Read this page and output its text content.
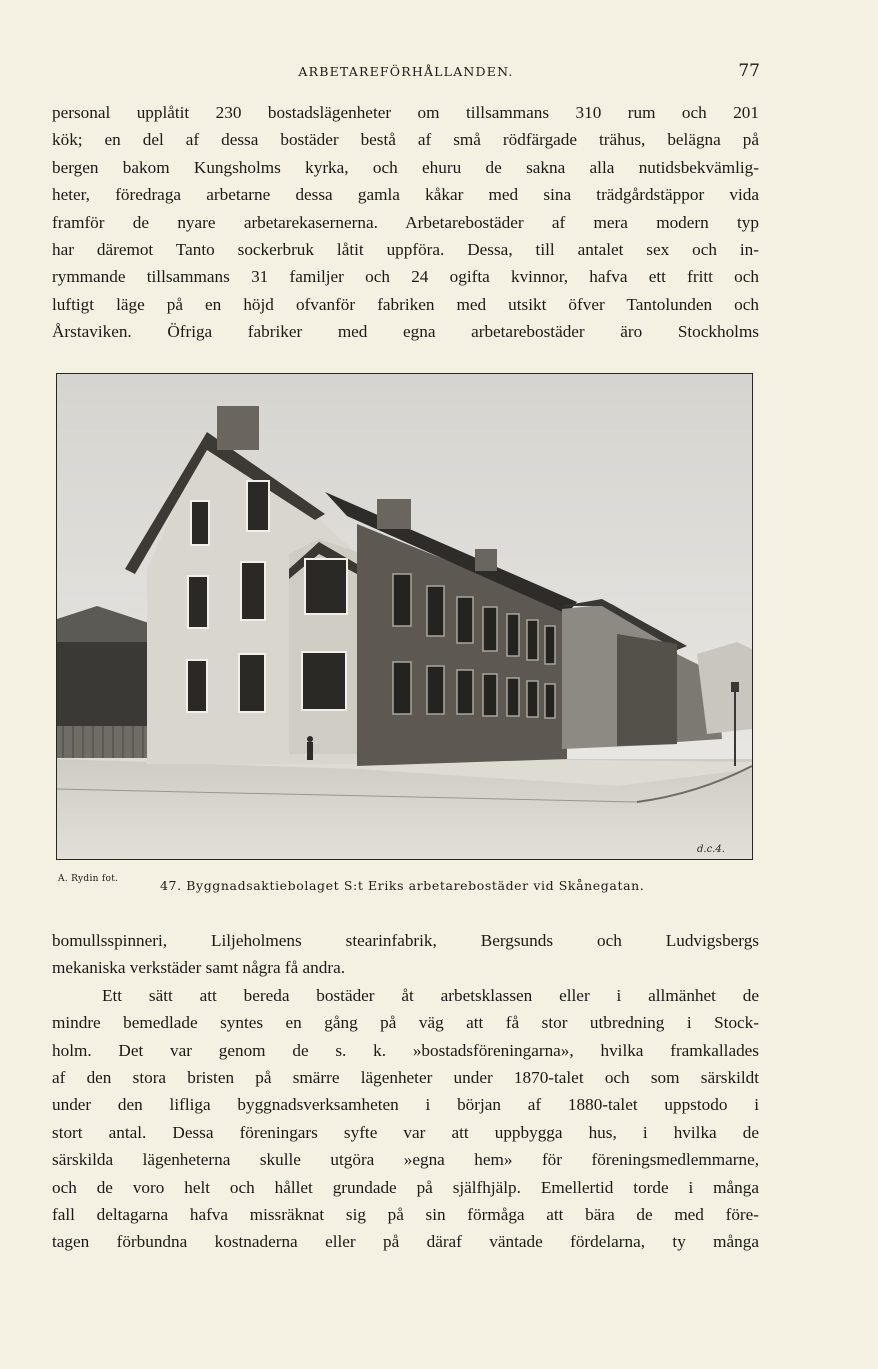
ARBETAREFÖRHÅLLANDEN.	77
personal upplåtit 230 bostadslägenheter om tillsammans 310 rum och 201
kök; en del af dessa bostäder bestå af små rödfärgade trähus, belägna på
bergen bakom Kungsholms kyrka, och ehuru de sakna alla nutidsbekvämlig-
heter, föredraga arbetarne dessa gamla kåkar med sina trädgårdstäppor vida
framför de nyare arbetarekasernerna. Arbetarebostäder af mera modern typ
har däremot Tanto sockerbruk låtit uppföra. Dessa, till antalet sex och in-
rymmande tillsammans 31 familjer och 24 ogifta kvinnor, hafva ett fritt och
luftigt läge på en höjd ofvanför fabriken med utsikt öfver Tantolunden och
Årstaviken. Öfriga fabriker med egna arbetarebostäder äro Stockholms
d.c.4.
A. Rydin fot.	47. Byggnadsaktiebolaget S:t Eriks arbetarebostäder vid Skånegatan.
bomullsspinneri, Liljeholmens stearinfabrik, Bergsunds och Ludvigsbergs
mekaniska verkstäder samt några få andra.
Ett sätt att bereda bostäder åt arbetsklassen eller i allmänhet de
mindre bemedlade syntes en gång på väg att få stor utbredning i Stock-
holm. Det var genom de s. k. »bostadsföreningarna», hvilka framkallades
af den stora bristen på smärre lägenheter under 1870-talet och som särskildt
under den lifliga byggnadsverksamheten i början af 1880-talet uppstodo i
stort antal. Dessa föreningars syfte var att uppbygga hus, i hvilka de
särskilda lägenheterna skulle utgöra »egna hem» för föreningsmedlemmarne,
och de voro helt och hållet grundade på själfhjälp. Emellertid torde i många
fall deltagarna hafva missräknat sig på sin förmåga att bära de med före-
tagen förbundna kostnaderna eller på däraf väntade fördelarna, ty många
